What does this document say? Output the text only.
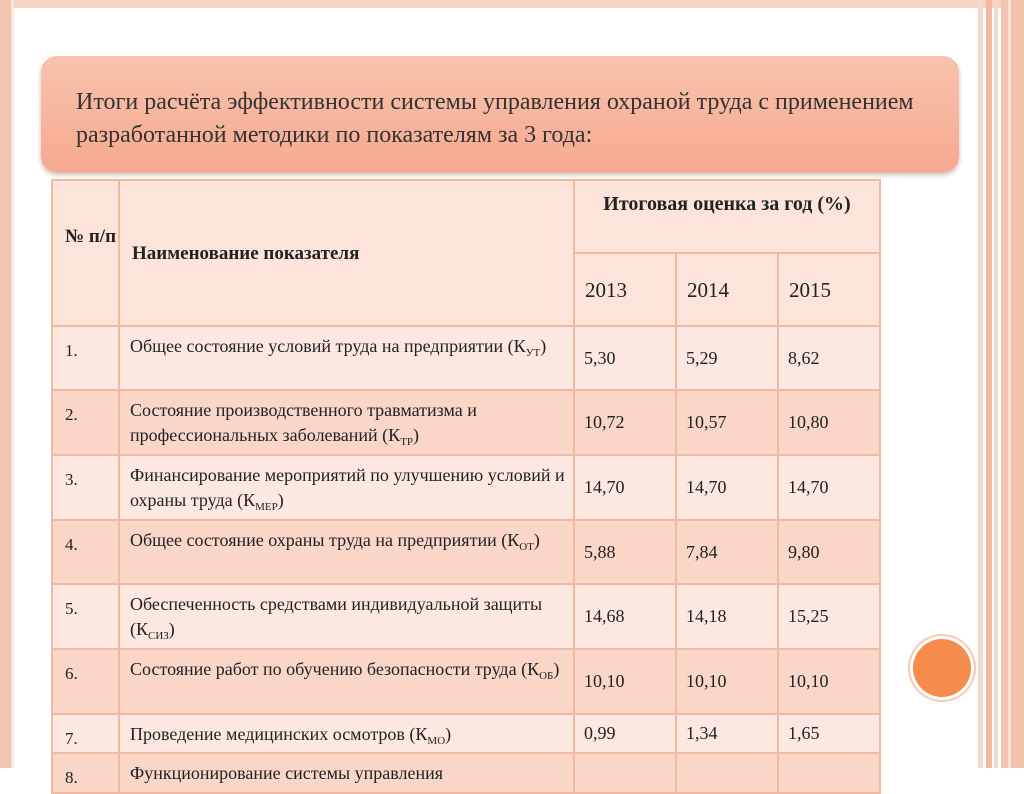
Итоги расчёта эффективности системы управления охраной труда с применением разработанной методики по показателям за 3 года:
№ п/п	Наименование показателя	Итоговая оценка за год (%)		
		2013	2014	2015
1.	Общее состояние условий труда на предприятии $(К_{УТ})$	5,30	5,29	8,62
2.	Состояние производственного травматизма и профессиональных заболеваний $(К_{ТР})$	10,72	10,57	10,80
3.	Финансирование мероприятий по улучшению условий и охраны труда $(К_{МЕР})$	14,70	14,70	14,70
4.	Общее состояние охраны труда на предприятии $(К_{ОТ})$	5,88	7,84	9,80
5.	Обеспеченность средствами индивидуальной защиты $(К_{СИЗ})$	14,68	14,18	15,25
6.	Состояние работ по обучению безопасности труда $(К_{ОБ})$	10,10	10,10	10,10
7.	Проведение медицинских осмотров $(К_{МО})$	0,99	1,34	1,65
8.	Функционирование системы управления			
